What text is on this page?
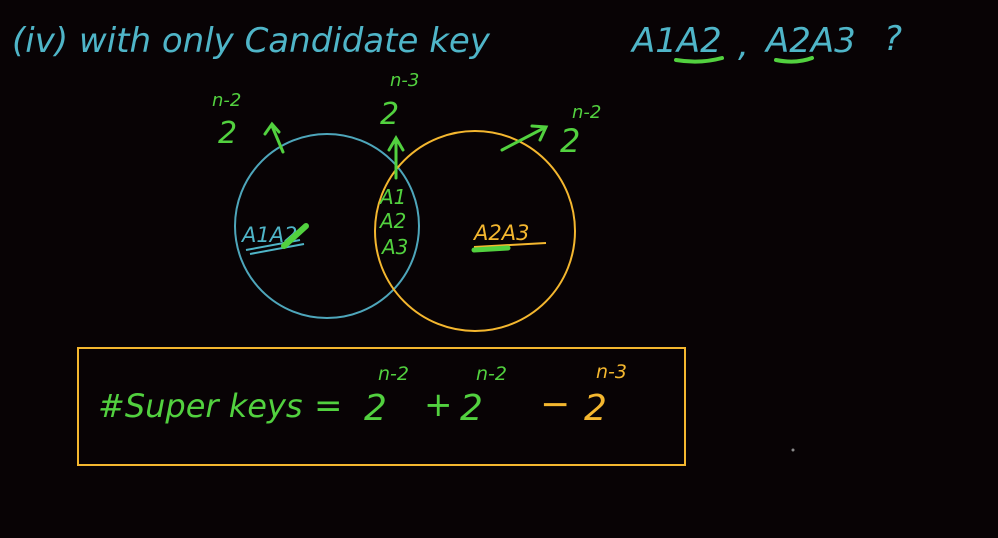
(iv) with only Candidate key	A1A2 , A2A3 ?
A1A2
2
n-2
A1
A2
A3
2
n-3
A2A3
2
n-2
#Super keys = 2
n-2
+ 2
n-2
− 2
n-3
